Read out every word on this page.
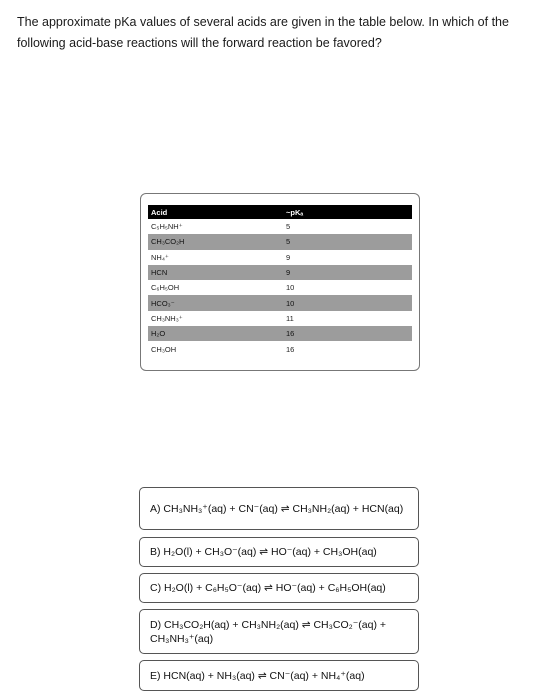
The approximate pKa values of several acids are given in the table below. In which of the following acid-base reactions will the forward reaction be favored?

Acid	~pKₐ
C₅H₅NH⁺	5
CH₃CO₂H	5
NH₄⁺	9
HCN	9
C₆H₅OH	10
HCO₃⁻	10
CH₃NH₃⁺	11
H₂O	16
CH₃OH	16
A) CH₃NH₃⁺(aq) + CN⁻(aq) ⇌ CH₃NH₂(aq) + HCN(aq)
B) H₂O(l) + CH₃O⁻(aq) ⇌ HO⁻(aq) + CH₃OH(aq)
C) H₂O(l) + C₆H₅O⁻(aq) ⇌ HO⁻(aq) + C₆H₅OH(aq)
D) CH₃CO₂H(aq) + CH₃NH₂(aq) ⇌ CH₃CO₂⁻(aq) + CH₃NH₃⁺(aq)
E) HCN(aq) + NH₃(aq) ⇌ CN⁻(aq) + NH₄⁺(aq)
